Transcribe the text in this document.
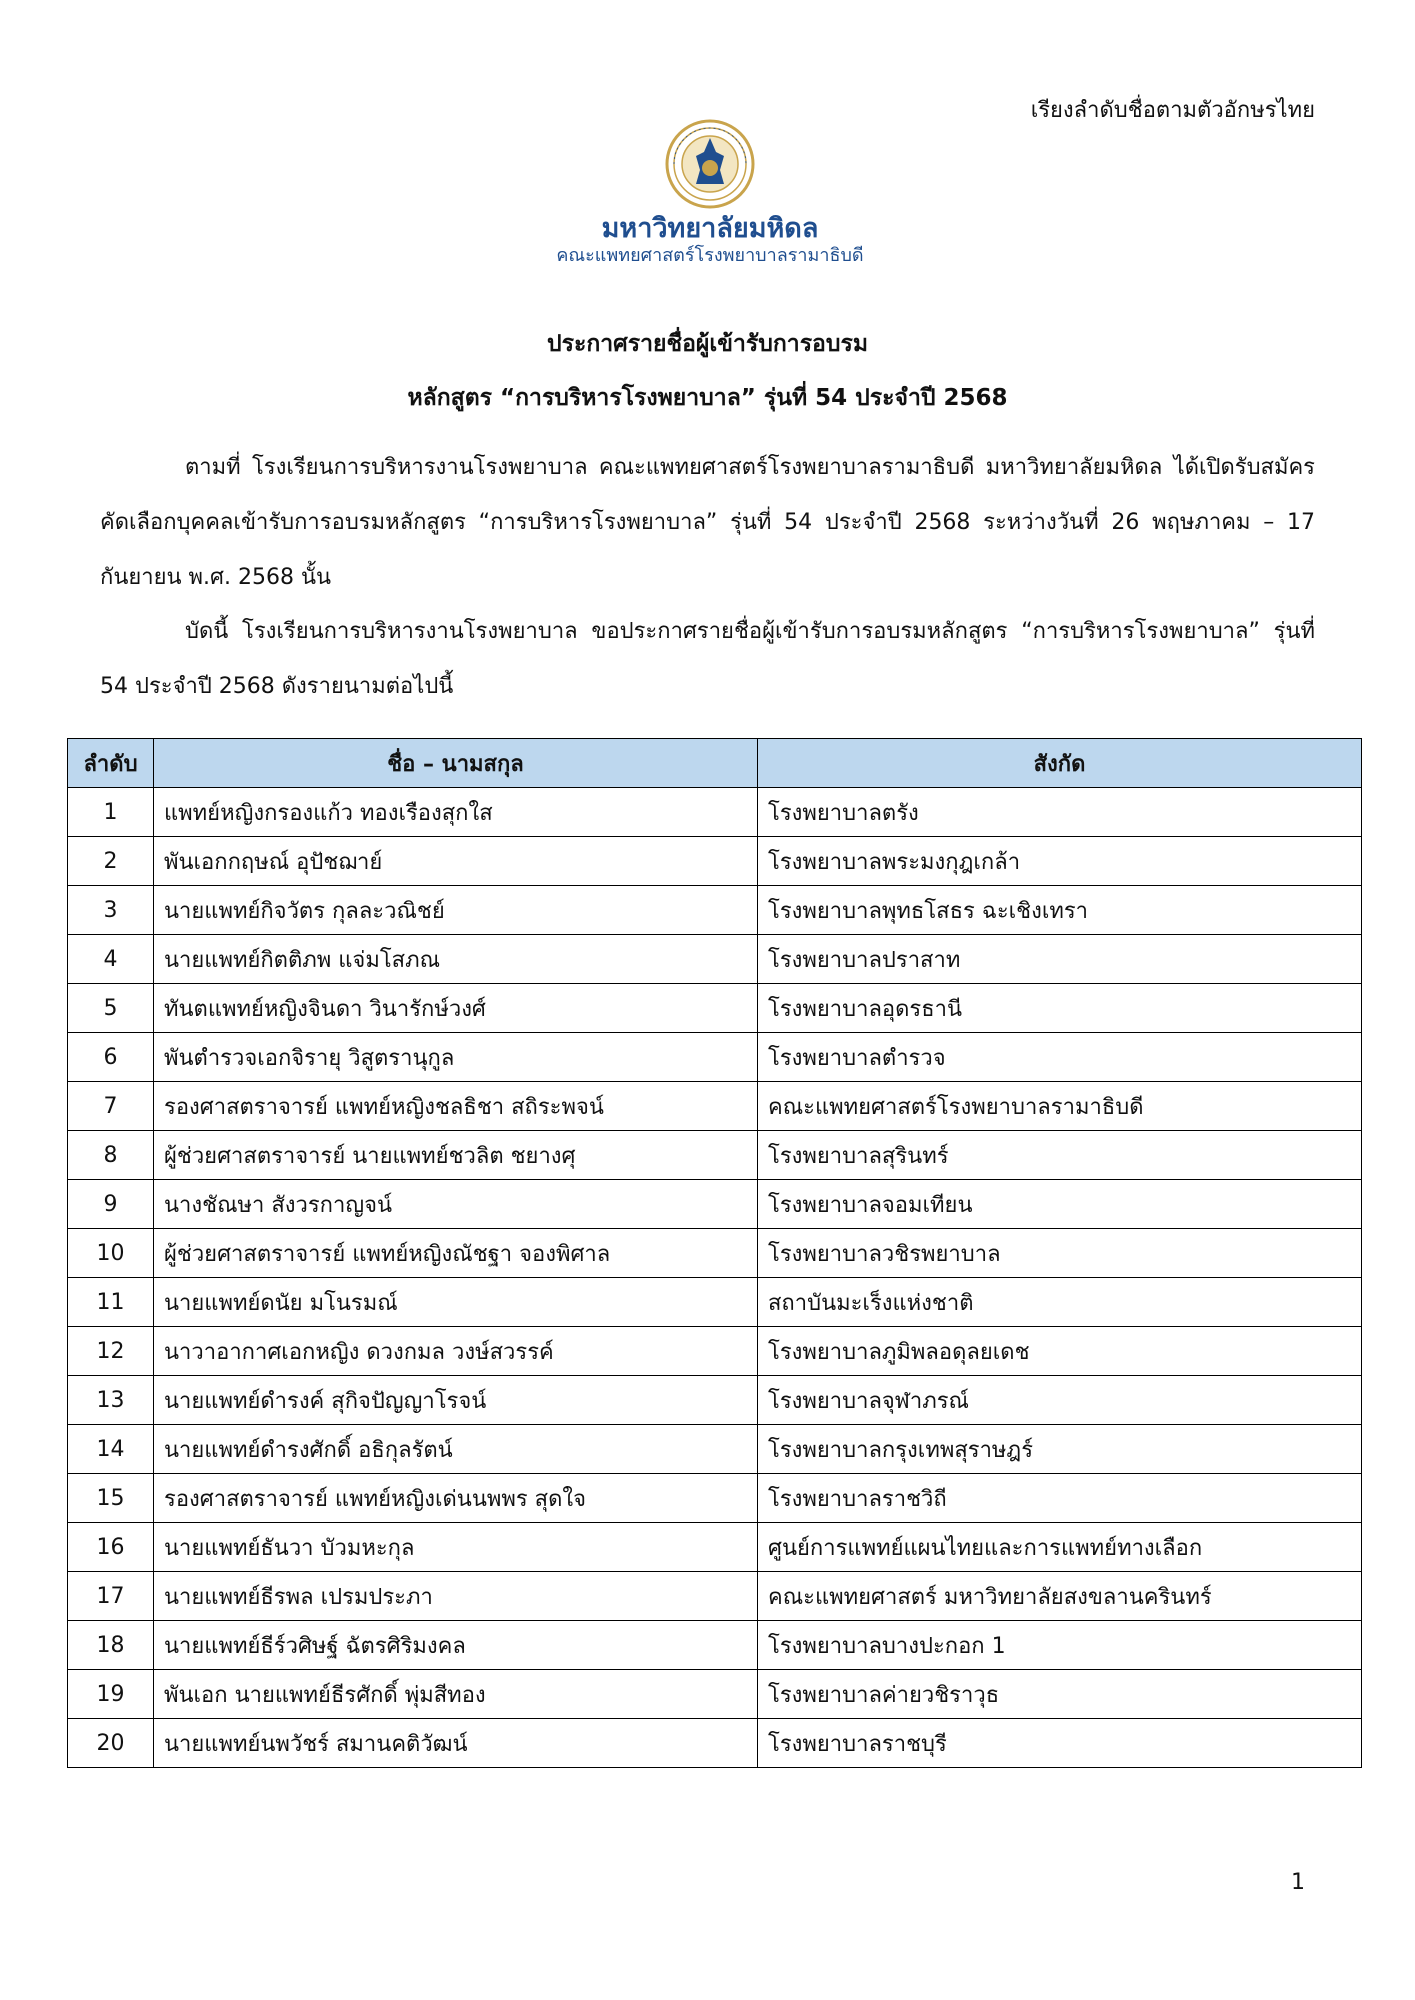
เรียงลำดับชื่อตามตัวอักษรไทย
มหาวิทยาลัยมหิดล
คณะแพทยศาสตร์โรงพยาบาลรามาธิบดี
ประกาศรายชื่อผู้เข้ารับการอบรม
หลักสูตร “การบริหารโรงพยาบาล” รุ่นที่ 54 ประจำปี 2568
ตามที่ โรงเรียนการบริหารงานโรงพยาบาล คณะแพทยศาสตร์โรงพยาบาลรามาธิบดี มหาวิทยาลัยมหิดล ได้เปิดรับสมัครคัดเลือกบุคคลเข้ารับการอบรมหลักสูตร “การบริหารโรงพยาบาล” รุ่นที่ 54 ประจำปี 2568 ระหว่างวันที่ 26 พฤษภาคม – 17 กันยายน พ.ศ. 2568 นั้น
บัดนี้ โรงเรียนการบริหารงานโรงพยาบาล ขอประกาศรายชื่อผู้เข้ารับการอบรมหลักสูตร “การบริหารโรงพยาบาล” รุ่นที่ 54 ประจำปี 2568 ดังรายนามต่อไปนี้
ลำดับ	ชื่อ – นามสกุล	สังกัด
1	แพทย์หญิงกรองแก้ว ทองเรืองสุกใส	โรงพยาบาลตรัง
2	พันเอกกฤษณ์ อุปัชฌาย์	โรงพยาบาลพระมงกุฎเกล้า
3	นายแพทย์กิจวัตร กุลละวณิชย์	โรงพยาบาลพุทธโสธร ฉะเชิงเทรา
4	นายแพทย์กิตติภพ แจ่มโสภณ	โรงพยาบาลปราสาท
5	ทันตแพทย์หญิงจินดา วินารักษ์วงศ์	โรงพยาบาลอุดรธานี
6	พันตำรวจเอกจิรายุ วิสูตรานุกูล	โรงพยาบาลตำรวจ
7	รองศาสตราจารย์ แพทย์หญิงชลธิชา สถิระพจน์	คณะแพทยศาสตร์โรงพยาบาลรามาธิบดี
8	ผู้ช่วยศาสตราจารย์ นายแพทย์ชวลิต ชยางศุ	โรงพยาบาลสุรินทร์
9	นางชัณษา สังวรกาญจน์	โรงพยาบาลจอมเทียน
10	ผู้ช่วยศาสตราจารย์ แพทย์หญิงณัชฐา จองพิศาล	โรงพยาบาลวชิรพยาบาล
11	นายแพทย์ดนัย มโนรมณ์	สถาบันมะเร็งแห่งชาติ
12	นาวาอากาศเอกหญิง ดวงกมล วงษ์สวรรค์	โรงพยาบาลภูมิพลอดุลยเดช
13	นายแพทย์ดำรงค์ สุกิจปัญญาโรจน์	โรงพยาบาลจุฬาภรณ์
14	นายแพทย์ดำรงศักดิ์ อธิกุลรัตน์	โรงพยาบาลกรุงเทพสุราษฎร์
15	รองศาสตราจารย์ แพทย์หญิงเด่นนพพร สุดใจ	โรงพยาบาลราชวิถี
16	นายแพทย์ธันวา บัวมหะกุล	ศูนย์การแพทย์แผนไทยและการแพทย์ทางเลือก
17	นายแพทย์ธีรพล เปรมประภา	คณะแพทยศาสตร์ มหาวิทยาลัยสงขลานครินทร์
18	นายแพทย์ธีร์วศิษฐ์ ฉัตรศิริมงคล	โรงพยาบาลบางปะกอก 1
19	พันเอก นายแพทย์ธีรศักดิ์ พุ่มสีทอง	โรงพยาบาลค่ายวชิราวุธ
20	นายแพทย์นพวัชร์ สมานคติวัฒน์	โรงพยาบาลราชบุรี
1
